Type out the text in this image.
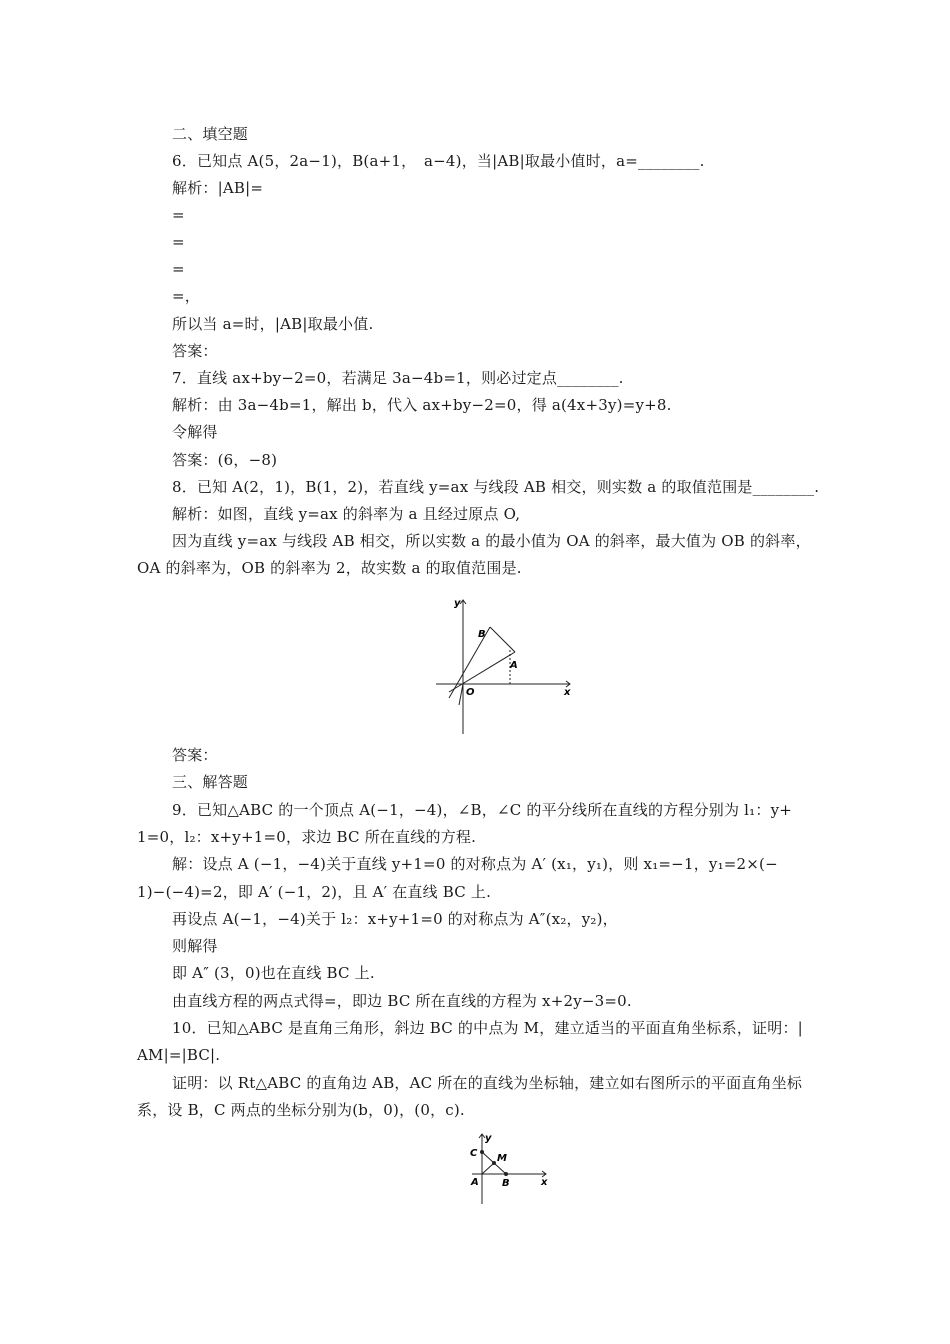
二、填空题
6．已知点 A(5，2a−1)，B(a+1，　a−4)，当|AB|取最小值时，a=________.
解析：|AB|=
=
=
=
=，
所以当 a=时，|AB|取最小值.
答案：
7．直线 ax+by−2=0，若满足 3a−4b=1，则必过定点________.
解析：由 3a−4b=1，解出 b，代入 ax+by−2=0，得 a(4x+3y)=y+8.
令解得
答案：(6，−8)
8．已知 A(2，1)，B(1，2)，若直线 y=ax 与线段 AB 相交，则实数 a 的取值范围是________.
解析：如图，直线 y=ax 的斜率为 a 且经过原点 O,
因为直线 y=ax 与线段 AB 相交，所以实数 a 的最小值为 OA 的斜率，最大值为 OB 的斜率，
OA 的斜率为，OB 的斜率为 2，故实数 a 的取值范围是.
y
x
O
A
B
答案：
三、解答题
9．已知△ABC 的一个顶点 A(−1，−4)，∠B，∠C 的平分线所在直线的方程分别为 l₁：y+
1=0，l₂：x+y+1=0，求边 BC 所在直线的方程.
解：设点 A (−1，−4)关于直线 y+1=0 的对称点为 A′ (x₁，y₁)，则 x₁=−1，y₁=2×(−
1)−(−4)=2，即 A′ (−1，2)，且 A′ 在直线 BC 上.
再设点 A(−1，−4)关于 l₂：x+y+1=0 的对称点为 A″(x₂，y₂)，
则解得
即 A″ (3，0)也在直线 BC 上.
由直线方程的两点式得=，即边 BC 所在直线的方程为 x+2y−3=0.
10．已知△ABC 是直角三角形，斜边 BC 的中点为 M，建立适当的平面直角坐标系，证明：|
AM|=|BC|.
证明：以 Rt△ABC 的直角边 AB，AC 所在的直线为坐标轴，建立如右图所示的平面直角坐标
系，设 B，C 两点的坐标分别为(b，0)，(0，c).
y
x
A B
C M
